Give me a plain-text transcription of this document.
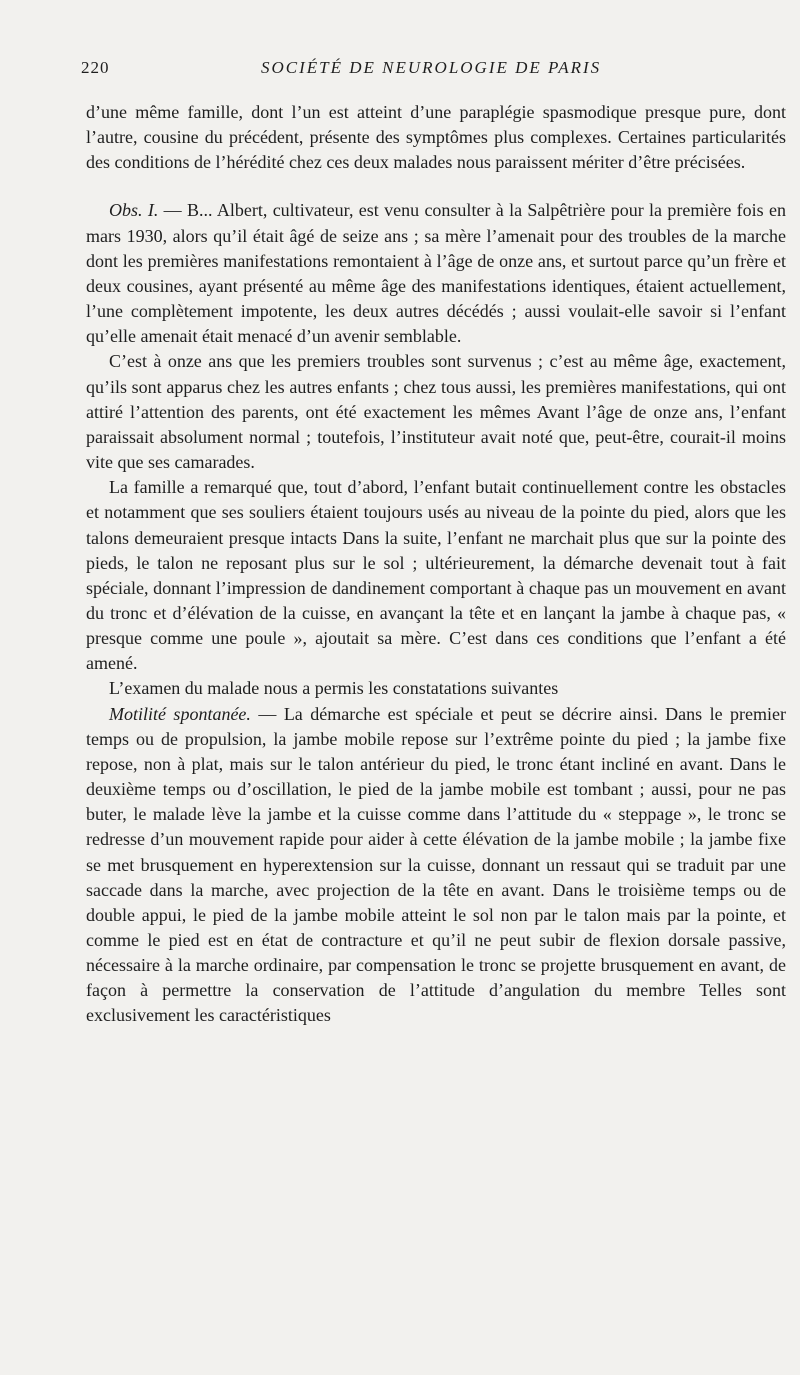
220	SOCIÉTÉ DE NEUROLOGIE DE PARIS

d’une même famille, dont l’un est atteint d’une paraplégie spasmodique presque pure, dont l’autre, cousine du précédent, présente des symptômes plus complexes. Certaines particularités des conditions de l’hérédité chez ces deux malades nous paraissent mériter d’être précisées.

Obs. I. — B... Albert, cultivateur, est venu consulter à la Salpêtrière pour la première fois en mars 1930, alors qu’il était âgé de seize ans ; sa mère l’amenait pour des troubles de la marche dont les premières manifestations remontaient à l’âge de onze ans, et surtout parce qu’un frère et deux cousines, ayant présenté au même âge des manifestations identiques, étaient actuellement, l’une complètement impotente, les deux autres décédés ; aussi voulait-elle savoir si l’enfant qu’elle amenait était menacé d’un avenir semblable.

C’est à onze ans que les premiers troubles sont survenus ; c’est au même âge, exactement, qu’ils sont apparus chez les autres enfants ; chez tous aussi, les premières manifestations, qui ont attiré l’attention des parents, ont été exactement les mêmes Avant l’âge de onze ans, l’enfant paraissait absolument normal ; toutefois, l’instituteur avait noté que, peut-être, courait-il moins vite que ses camarades.

La famille a remarqué que, tout d’abord, l’enfant butait continuellement contre les obstacles et notamment que ses souliers étaient toujours usés au niveau de la pointe du pied, alors que les talons demeuraient presque intacts Dans la suite, l’enfant ne marchait plus que sur la pointe des pieds, le talon ne reposant plus sur le sol ; ultérieurement, la démarche devenait tout à fait spéciale, donnant l’impression de dandinement comportant à chaque pas un mouvement en avant du tronc et d’élévation de la cuisse, en avançant la tête et en lançant la jambe à chaque pas, « presque comme une poule », ajoutait sa mère. C’est dans ces conditions que l’enfant a été amené.

L’examen du malade nous a permis les constatations suivantes

Motilité spontanée. — La démarche est spéciale et peut se décrire ainsi. Dans le premier temps ou de propulsion, la jambe mobile repose sur l’extrême pointe du pied ; la jambe fixe repose, non à plat, mais sur le talon antérieur du pied, le tronc étant incliné en avant. Dans le deuxième temps ou d’oscillation, le pied de la jambe mobile est tombant ; aussi, pour ne pas buter, le malade lève la jambe et la cuisse comme dans l’attitude du « steppage », le tronc se redresse d’un mouvement rapide pour aider à cette élévation de la jambe mobile ; la jambe fixe se met brusquement en hyperextension sur la cuisse, donnant un ressaut qui se traduit par une saccade dans la marche, avec projection de la tête en avant. Dans le troisième temps ou de double appui, le pied de la jambe mobile atteint le sol non par le talon mais par la pointe, et comme le pied est en état de contracture et qu’il ne peut subir de flexion dorsale passive, nécessaire à la marche ordinaire, par compensation le tronc se projette brusquement en avant, de façon à permettre la conservation de l’attitude d’angulation du membre Telles sont exclusivement les caractéristiques
